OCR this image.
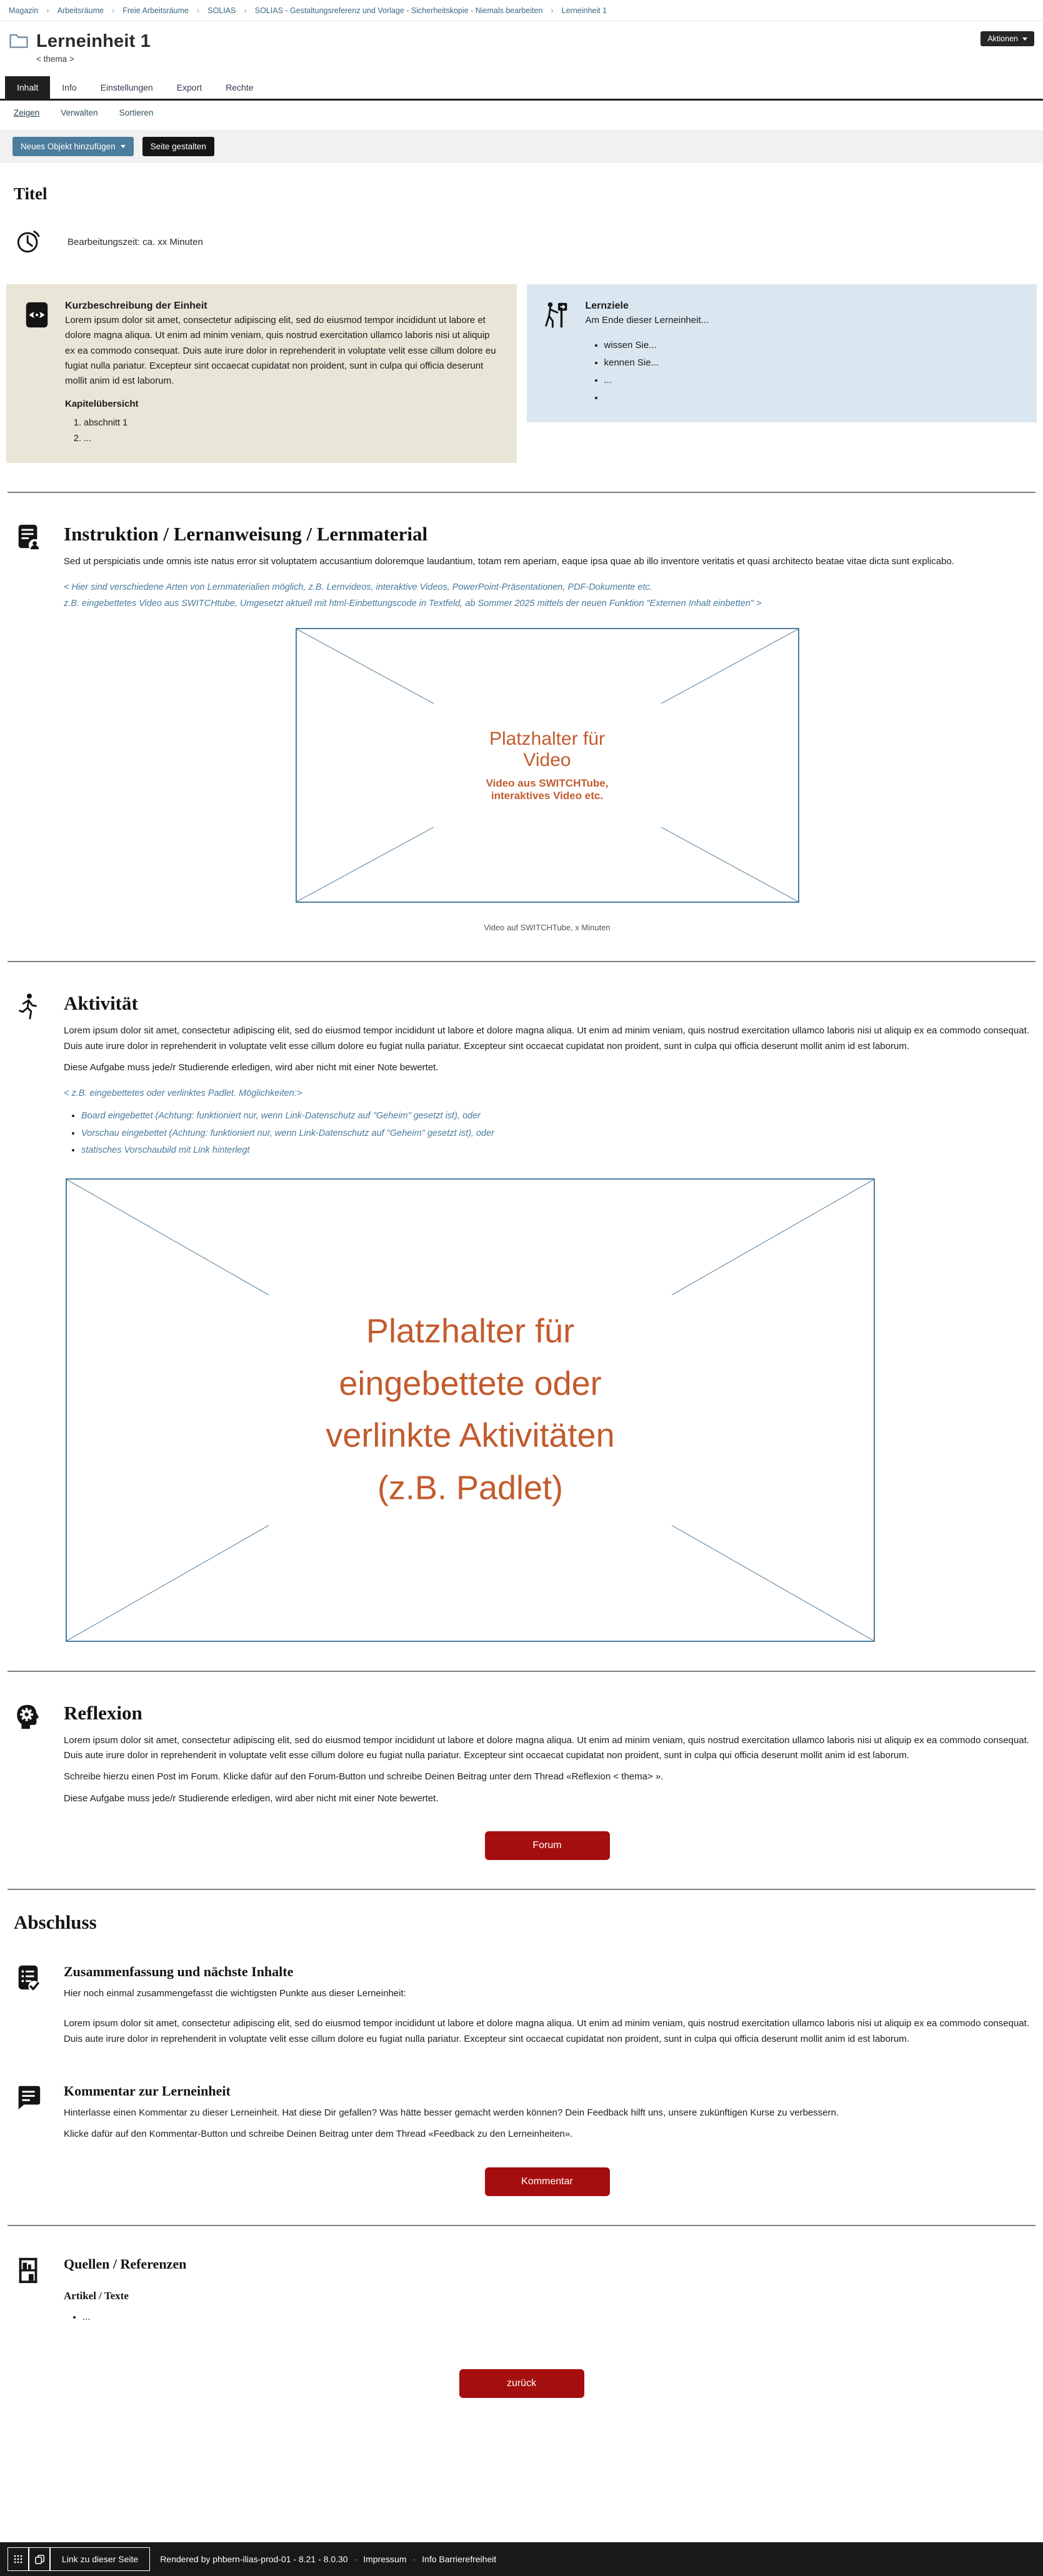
Magazin › Arbeitsräume › Freie Arbeitsräume › SOLIAS › SOLIAS - Gestaltungsreferenz und Vorlage - Sicherheitskopie - Niemals bearbeiten › Lerneinheit 1
Lerneinheit 1
< thema >
Aktionen
Inhalt	Info	Einstellungen	Export	Rechte
Zeigen	Verwalten	Sortieren
Neues Objekt hinzufügen	Seite gestalten
Titel
Bearbeitungszeit: ca. xx Minuten
Kurzbeschreibung der Einheit
Lorem ipsum dolor sit amet, consectetur adipiscing elit, sed do eiusmod tempor incididunt ut labore et dolore magna aliqua. Ut enim ad minim veniam, quis nostrud exercitation ullamco laboris nisi ut aliquip ex ea commodo consequat. Duis aute irure dolor in reprehenderit in voluptate velit esse cillum dolore eu fugiat nulla pariatur. Excepteur sint occaecat cupidatat non proident, sunt in culpa qui officia deserunt mollit anim id est laborum.
Kapitelübersicht
1. abschnitt 1
2. ...
Lernziele
Am Ende dieser Lerneinheit...
• wissen Sie...
• kennen Sie...
• ...
•
Instruktion / Lernanweisung / Lernmaterial

Sed ut perspiciatis unde omnis iste natus error sit voluptatem accusantium doloremque laudantium, totam rem aperiam, eaque ipsa quae ab illo inventore veritatis et quasi architecto beatae vitae dicta sunt explicabo.

< Hier sind verschiedene Arten von Lernmaterialien möglich, z.B. Lernvideos, interaktive Videos, PowerPoint-Präsentationen, PDF-Dokumente etc.
z.B. eingebettetes Video aus SWITCHtube, Umgesetzt aktuell mit html-Einbettungscode in Textfeld, ab Sommer 2025 mittels der neuen Funktion "Externen Inhalt einbetten" >
Platzhalter für Video
Video aus SWITCHTube, interaktives Video etc.
Video auf SWITCHTube, x Minuten
Aktivität

Lorem ipsum dolor sit amet, consectetur adipiscing elit, sed do eiusmod tempor incididunt ut labore et dolore magna aliqua. Ut enim ad minim veniam, quis nostrud exercitation ullamco laboris nisi ut aliquip ex ea commodo consequat. Duis aute irure dolor in reprehenderit in voluptate velit esse cillum dolore eu fugiat nulla pariatur. Excepteur sint occaecat cupidatat non proident, sunt in culpa qui officia deserunt mollit anim id est laborum.

Diese Aufgabe muss jede/r Studierende erledigen, wird aber nicht mit einer Note bewertet.

< z.B. eingebettetes oder verlinktes Padlet. Möglichkeiten:>
• Board eingebettet (Achtung: funktioniert nur, wenn Link-Datenschutz auf "Geheim" gesetzt ist), oder
• Vorschau eingebettet (Achtung: funktioniert nur, wenn Link-Datenschutz auf "Geheim" gesetzt ist), oder
• statisches Vorschaubild mit Link hinterlegt
Platzhalter für eingebettete oder verlinkte Aktivitäten (z.B. Padlet)
Reflexion

Lorem ipsum dolor sit amet, consectetur adipiscing elit, sed do eiusmod tempor incididunt ut labore et dolore magna aliqua. Ut enim ad minim veniam, quis nostrud exercitation ullamco laboris nisi ut aliquip ex ea commodo consequat. Duis aute irure dolor in reprehenderit in voluptate velit esse cillum dolore eu fugiat nulla pariatur. Excepteur sint occaecat cupidatat non proident, sunt in culpa qui officia deserunt mollit anim id est laborum.

Schreibe hierzu einen Post im Forum. Klicke dafür auf den Forum-Button und schreibe Deinen Beitrag unter dem Thread «Reflexion < thema> ».

Diese Aufgabe muss jede/r Studierende erledigen, wird aber nicht mit einer Note bewertet.

Forum
Abschluss
Zusammenfassung und nächste Inhalte

Hier noch einmal zusammengefasst die wichtigsten Punkte aus dieser Lerneinheit:

Lorem ipsum dolor sit amet, consectetur adipiscing elit, sed do eiusmod tempor incididunt ut labore et dolore magna aliqua. Ut enim ad minim veniam, quis nostrud exercitation ullamco laboris nisi ut aliquip ex ea commodo consequat. Duis aute irure dolor in reprehenderit in voluptate velit esse cillum dolore eu fugiat nulla pariatur. Excepteur sint occaecat cupidatat non proident, sunt in culpa qui officia deserunt mollit anim id est laborum.

Kommentar zur Lerneinheit

Hinterlasse einen Kommentar zu dieser Lerneinheit. Hat diese Dir gefallen? Was hätte besser gemacht werden können? Dein Feedback hilft uns, unsere zukünftigen Kurse zu verbessern.

Klicke dafür auf den Kommentar-Button und schreibe Deinen Beitrag unter dem Thread «Feedback zu den Lerneinheiten».

Kommentar
Quellen / Referenzen
Artikel / Texte
• ...
zurück
Link zu dieser Seite	Rendered by phbern-ilias-prod-01 - 8.21 - 8.0.30 · Impressum · Info Barrierefreiheit
